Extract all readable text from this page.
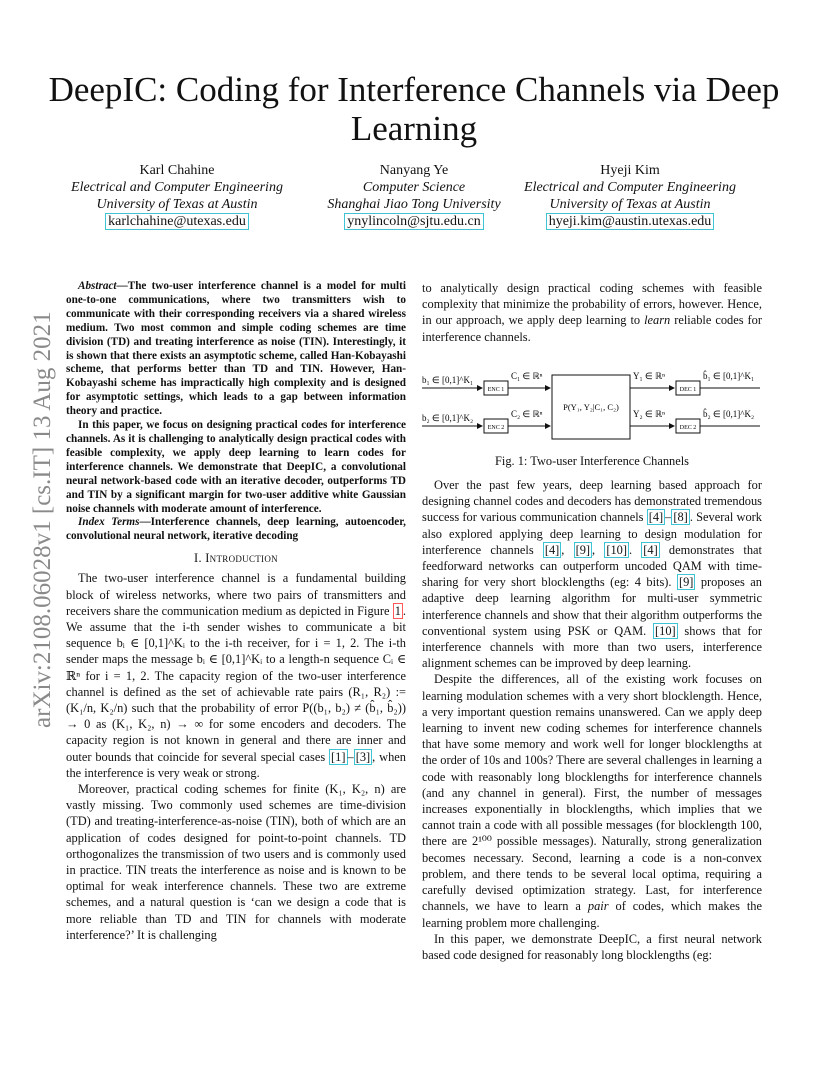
DeepIC: Coding for Interference Channels via Deep Learning
Karl Chahine
Electrical and Computer Engineering
University of Texas at Austin
karlchahine@utexas.edu
Nanyang Ye
Computer Science
Shanghai Jiao Tong University
ynylincoln@sjtu.edu.cn
Hyeji Kim
Electrical and Computer Engineering
University of Texas at Austin
hyeji.kim@austin.utexas.edu
arXiv:2108.06028v1 [cs.IT] 13 Aug 2021

Abstract—The two-user interference channel is a model for multi one-to-one communications, where two transmitters wish to communicate with their corresponding receivers via a shared wireless medium. Two most common and simple coding schemes are time division (TD) and treating interference as noise (TIN). Interestingly, it is shown that there exists an asymptotic scheme, called Han-Kobayashi scheme, that performs better than TD and TIN. However, Han-Kobayashi scheme has impractically high complexity and is designed for asymptotic settings, which leads to a gap between information theory and practice.

In this paper, we focus on designing practical codes for interference channels. As it is challenging to analytically design practical codes with feasible complexity, we apply deep learning to learn codes for interference channels. We demonstrate that DeepIC, a convolutional neural network-based code with an iterative decoder, outperforms TD and TIN by a significant margin for two-user additive white Gaussian noise channels with moderate amount of interference.

Index Terms—Interference channels, deep learning, autoencoder, convolutional neural network, iterative decoding

I. Introduction

The two-user interference channel is a fundamental building block of wireless networks, where two pairs of transmitters and receivers share the communication medium as depicted in Figure 1 . We assume that the i-th sender wishes to communicate a bit sequence bᵢ ∈ [0,1]^Kᵢ to the i-th receiver, for i = 1, 2. The i-th sender maps the message bᵢ ∈ [0,1]^Kᵢ to a length-n sequence Cᵢ ∈ ℝⁿ for i = 1, 2. The capacity region of the two-user interference channel is defined as the set of achievable rate pairs (R₁, R₂) := (K₁/n, K₂/n) such that the probability of error P((b₁, b₂) ≠ (b̂₁, b̂₂)) → 0 as (K₁, K₂, n) → ∞ for some encoders and decoders. The capacity region is not known in general and there are inner and outer bounds that coincide for several special cases [1] – [3] , when the interference is very weak or strong.

Moreover, practical coding schemes for finite (K₁, K₂, n) are vastly missing. Two commonly used schemes are time-division (TD) and treating-interference-as-noise (TIN), both of which are an application of codes designed for point-to-point channels. TD orthogonalizes the transmission of two users and is commonly used in practice. TIN treats the interference as noise and is known to be optimal for weak interference channels. These two are extreme schemes, and a natural question is ‘can we design a code that is more reliable than TD and TIN for channels with moderate interference?’ It is challenging

to analytically design practical coding schemes with feasible complexity that minimize the probability of errors, however. Hence, in our approach, we apply deep learning to learn reliable codes for interference channels.

b₁ ∈ [0,1]^K₁
b₂ ∈ [0,1]^K₂
ENC 1
ENC 2
C₁ ∈ ℝⁿ
C₂ ∈ ℝⁿ
P(Y₁, Y₂|C₁, C₂)
Y₁ ∈ ℝⁿ
Y₂ ∈ ℝⁿ
DEC 1
DEC 2
b̂₁ ∈ [0,1]^K₁
b̂₂ ∈ [0,1]^K₂
Fig. 1: Two-user Interference Channels

Over the past few years, deep learning based approach for designing channel codes and decoders has demonstrated tremendous success for various communication channels [4] – [8] . Several work also explored applying deep learning to design modulation for interference channels [4] , [9] , [10] . [4] demonstrates that feedforward networks can outperform uncoded QAM with time-sharing for very short blocklengths (eg: 4 bits). [9] proposes an adaptive deep learning algorithm for multi-user symmetric interference channels and show that their algorithm outperforms the conventional system using PSK or QAM. [10] shows that for interference channels with more than two users, interference alignment schemes can be improved by deep learning.

Despite the differences, all of the existing work focuses on learning modulation schemes with a very short blocklength. Hence, a very important question remains unanswered. Can we apply deep learning to invent new coding schemes for interference channels that have some memory and work well for longer blocklengths at the order of 10s and 100s? There are several challenges in learning a code with reasonably long blocklengths for interference channels (and any channel in general). First, the number of messages increases exponentially in blocklengths, which implies that we cannot train a code with all possible messages (for blocklength 100, there are 2¹⁰⁰ possible messages). Naturally, strong generalization becomes necessary. Second, learning a code is a non-convex problem, and there tends to be several local optima, requiring a carefully devised optimization strategy. Last, for interference channels, we have to learn a pair of codes, which makes the learning problem more challenging.

In this paper, we demonstrate DeepIC, a first neural network based code designed for reasonably long blocklengths (eg:
